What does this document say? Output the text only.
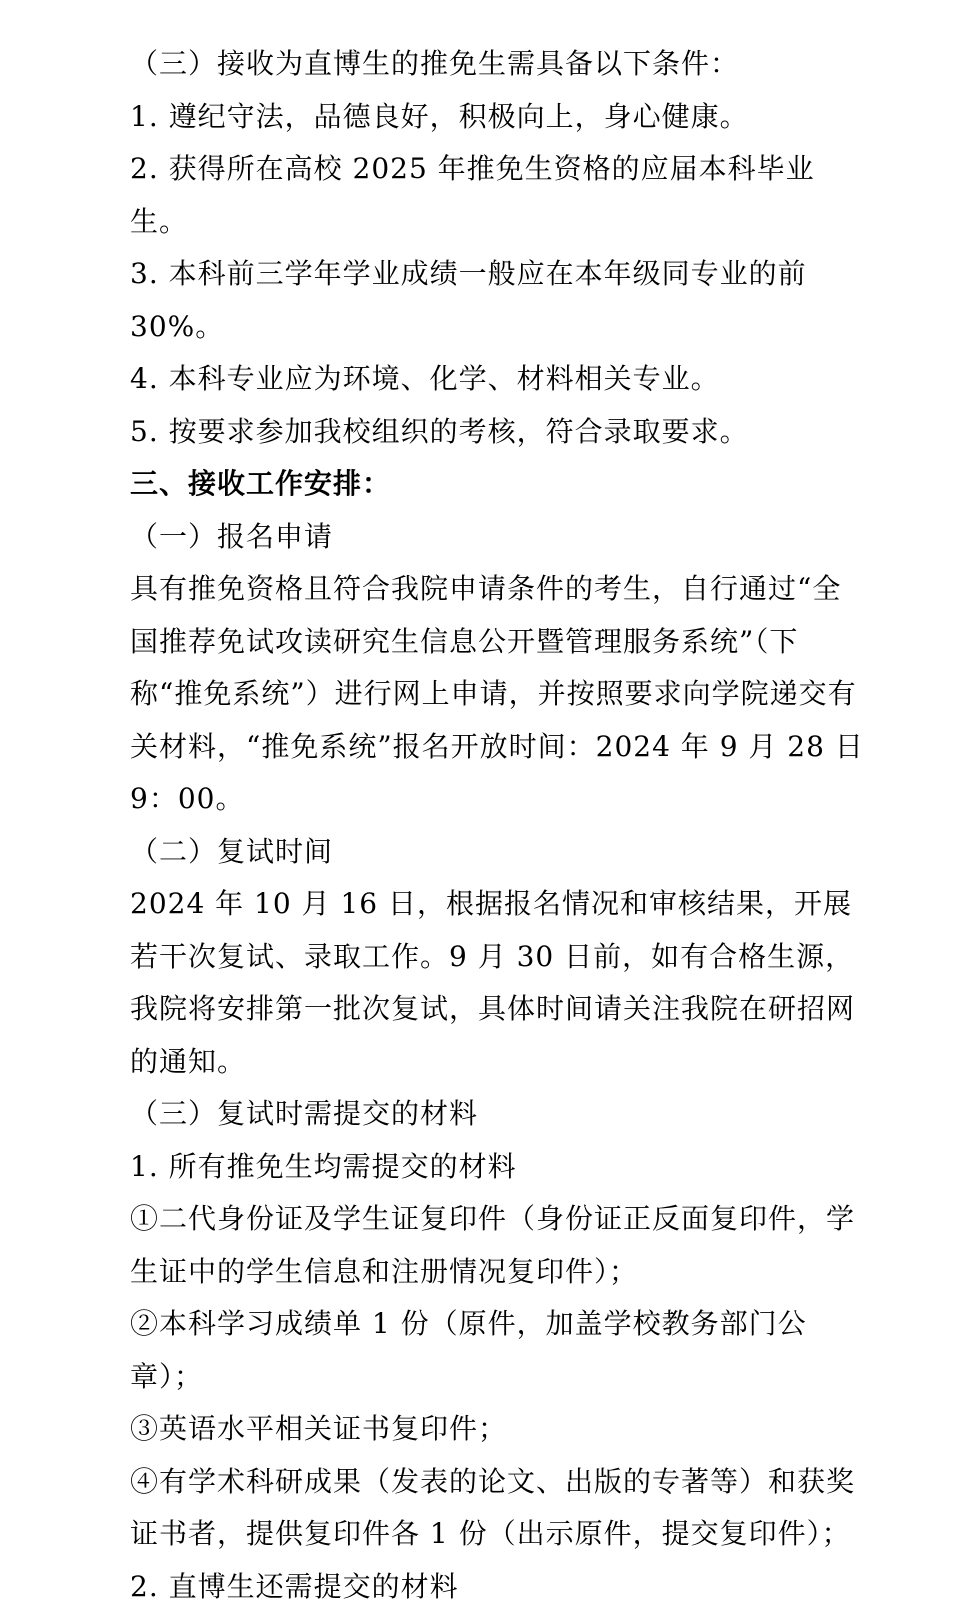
（三）接收为直博生的推免生需具备以下条件：

1. 遵纪守法，品德良好，积极向上，身心健康。

2. 获得所在高校 2025 年推免生资格的应届本科毕业生。

3. 本科前三学年学业成绩一般应在本年级同专业的前 30%。

4. 本科专业应为环境、化学、材料相关专业。

5. 按要求参加我校组织的考核，符合录取要求。

三、接收工作安排：

（一）报名申请

具有推免资格且符合我院申请条件的考生，自行通过“全国推荐免试攻读研究生信息公开暨管理服务系统”（下称“推免系统”）进行网上申请，并按照要求向学院递交有关材料，“推免系统”报名开放时间：2024 年 9 月 28 日 9：00。

（二）复试时间

2024 年 10 月 16 日，根据报名情况和审核结果，开展若干次复试、录取工作。9 月 30 日前，如有合格生源，我院将安排第一批次复试，具体时间请关注我院在研招网的通知。

（三）复试时需提交的材料

1. 所有推免生均需提交的材料

①二代身份证及学生证复印件（身份证正反面复印件，学生证中的学生信息和注册情况复印件）；

②本科学习成绩单 1 份（原件，加盖学校教务部门公章）；

③英语水平相关证书复印件；

④有学术科研成果（发表的论文、出版的专著等）和获奖证书者，提供复印件各 1 份（出示原件，提交复印件）；

2. 直博生还需提交的材料
